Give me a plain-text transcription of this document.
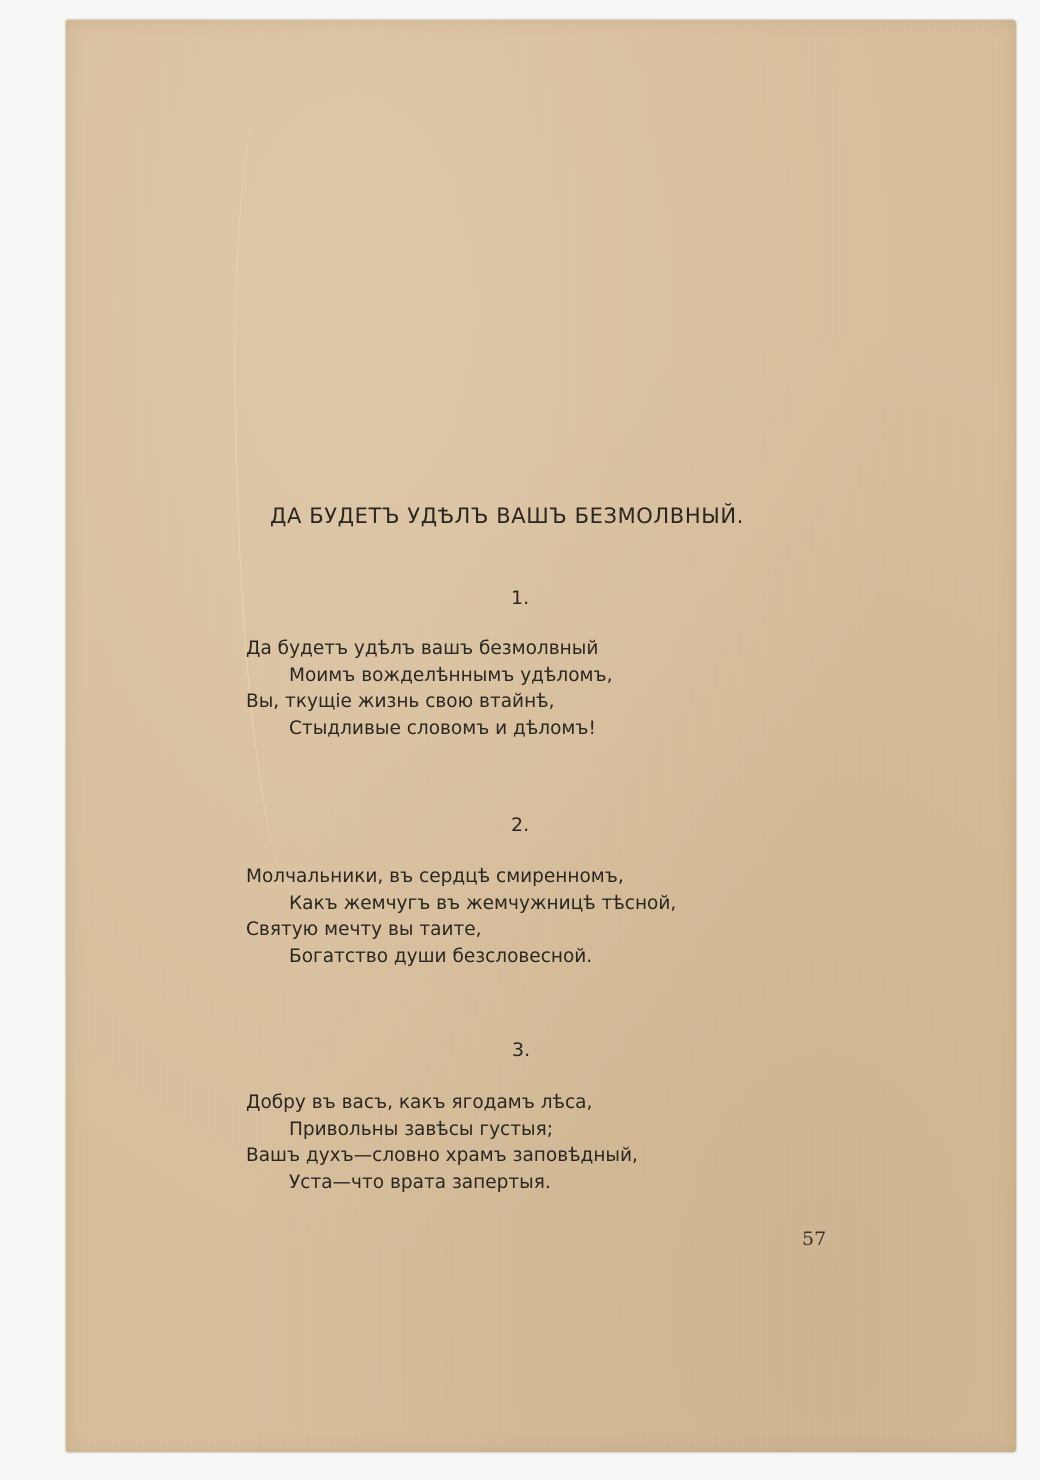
ДА БУДЕТЪ УДѢЛЪ ВАШЪ БЕЗМОЛВНЫЙ.
1.
Да будетъ удѣлъ вашъ безмолвный
Моимъ вожделѣннымъ удѣломъ,
Вы, ткущіе жизнь свою втайнѣ,
Стыдливые словомъ и дѣломъ!
2.
Молчальники, въ сердцѣ смиренномъ,
Какъ жемчугъ въ жемчужницѣ тѣсной,
Святую мечту вы таите,
Богатство души безсловесной.
3.
Добру въ васъ, какъ ягодамъ лѣса,
Привольны завѣсы густыя;
Вашъ духъ—словно храмъ заповѣдный,
Уста—что врата запертыя.
57
